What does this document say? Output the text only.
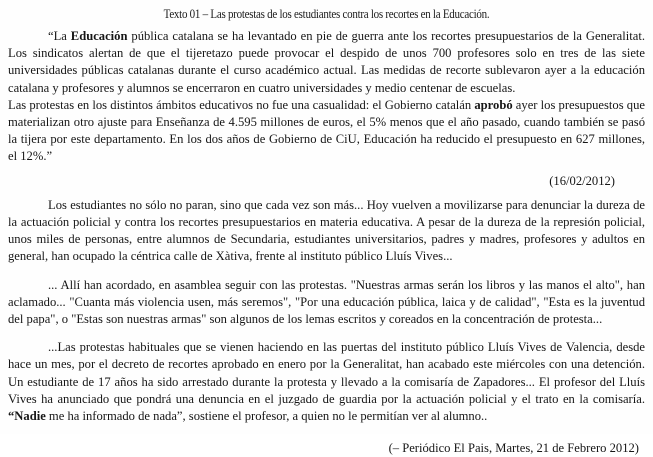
Texto 01 – Las protestas de los estudiantes contra los recortes en la Educación.

“La Educación pública catalana se ha levantado en pie de guerra ante los recortes presupuestarios de la Generalitat. Los sindicatos alertan de que el tijeretazo puede provocar el despido de unos 700 profesores solo en tres de las siete universidades públicas catalanas durante el curso académico actual. Las medidas de recorte sublevaron ayer a la educación catalana y profesores y alumnos se encerraron en cuatro universidades y medio centenar de escuelas.

Las protestas en los distintos ámbitos educativos no fue una casualidad: el Gobierno catalán aprobó ayer los presupuestos que materializan otro ajuste para Enseñanza de 4.595 millones de euros, el 5% menos que el año pasado, cuando también se pasó la tijera por este departamento. En los dos años de Gobierno de CiU, Educación ha reducido el presupuesto en 627 millones, el 12%.”

(16/02/2012)

Los estudiantes no sólo no paran, sino que cada vez son más... Hoy vuelven a movilizarse para denunciar la dureza de la actuación policial y contra los recortes presupuestarios en materia educativa. A pesar de la dureza de la represión policial, unos miles de personas, entre alumnos de Secundaria, estudiantes universitarios, padres y madres, profesores y adultos en general, han ocupado la céntrica calle de Xàtiva, frente al instituto público Lluís Vives...

... Allí han acordado, en asamblea seguir con las protestas. "Nuestras armas serán los libros y las manos el alto", han aclamado... "Cuanta más violencia usen, más seremos", "Por una educación pública, laica y de calidad", "Esta es la juventud del papa", o "Estas son nuestras armas" son algunos de los lemas escritos y coreados en la concentración de protesta...

...Las protestas habituales que se vienen haciendo en las puertas del instituto público Lluís Vives de Valencia, desde hace un mes, por el decreto de recortes aprobado en enero por la Generalitat, han acabado este miércoles con una detención. Un estudiante de 17 años ha sido arrestado durante la protesta y llevado a la comisaría de Zapadores... El profesor del Lluís Vives ha anunciado que pondrá una denuncia en el juzgado de guardia por la actuación policial y el trato en la comisaría. “Nadie me ha informado de nada”, sostiene el profesor, a quien no le permitían ver al alumno..

(– Periódico El Pais, Martes, 21 de Febrero 2012)
